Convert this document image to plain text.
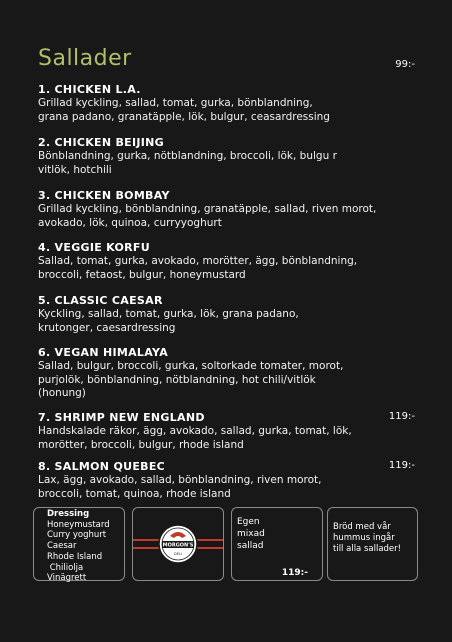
Sallader	99:-
1. CHICKEN L.A.
Grillad kyckling, sallad, tomat, gurka, bönblandning,
grana padano, granatäpple, lök, bulgur, ceasardressing
2. CHICKEN BEIJING
Bönblandning, gurka, nötblandning, broccoli, lök, bulgu r
vitlök, hotchili
3. CHICKEN BOMBAY
Grillad kyckling, bönblandning, granatäpple, sallad, riven morot,
avokado, lök, quinoa, curryyoghurt
4. VEGGIE KORFU
Sallad, tomat, gurka, avokado, morötter, ägg, bönblandning,
broccoli, fetaost, bulgur, honeymustard
5. CLASSIC CAESAR
Kyckling, sallad, tomat, gurka, lök, grana padano,
krutonger, caesardressing
6. VEGAN HIMALAYA
Sallad, bulgur, broccoli, gurka, soltorkade tomater, morot,
purjolök, bönblandning, nötblandning, hot chili/vitlök
(honung)
7. SHRIMP NEW ENGLAND
Handskalade räkor, ägg, avokado, sallad, gurka, tomat, lök,
morötter, broccoli, bulgur, rhode island
119:-
8. SALMON QUEBEC
Lax, ägg, avokado, sallad, bönblandning, riven morot,
broccoli, tomat, quinoa, rhode island
119:-
Dressing
Honeymustard
Curry yoghurt
Caesar
Rhode Island
Chiliolja
Vinägrett
MORGON'S
DELI
Egen
mixad
sallad
119:-
Bröd med vår
hummus ingår
till alla sallader!
